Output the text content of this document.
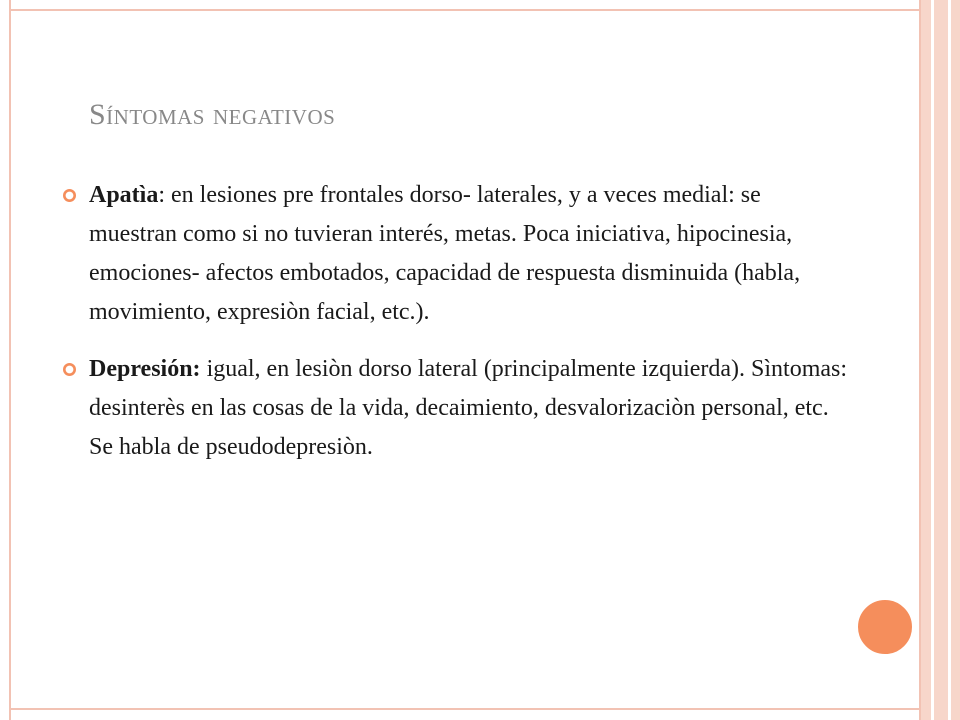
Síntomas negativos
Apatìa: en lesiones pre frontales dorso- laterales, y a veces medial: se muestran como si no tuvieran interés, metas. Poca iniciativa, hipocinesia, emociones- afectos embotados, capacidad de respuesta disminuida (habla, movimiento, expresiòn facial, etc.).
Depresión: igual, en lesiòn dorso lateral (principalmente izquierda). Sìntomas: desinterès en las cosas de la vida, decaimiento, desvalorizaciòn personal, etc. Se habla de pseudodepresiòn.
